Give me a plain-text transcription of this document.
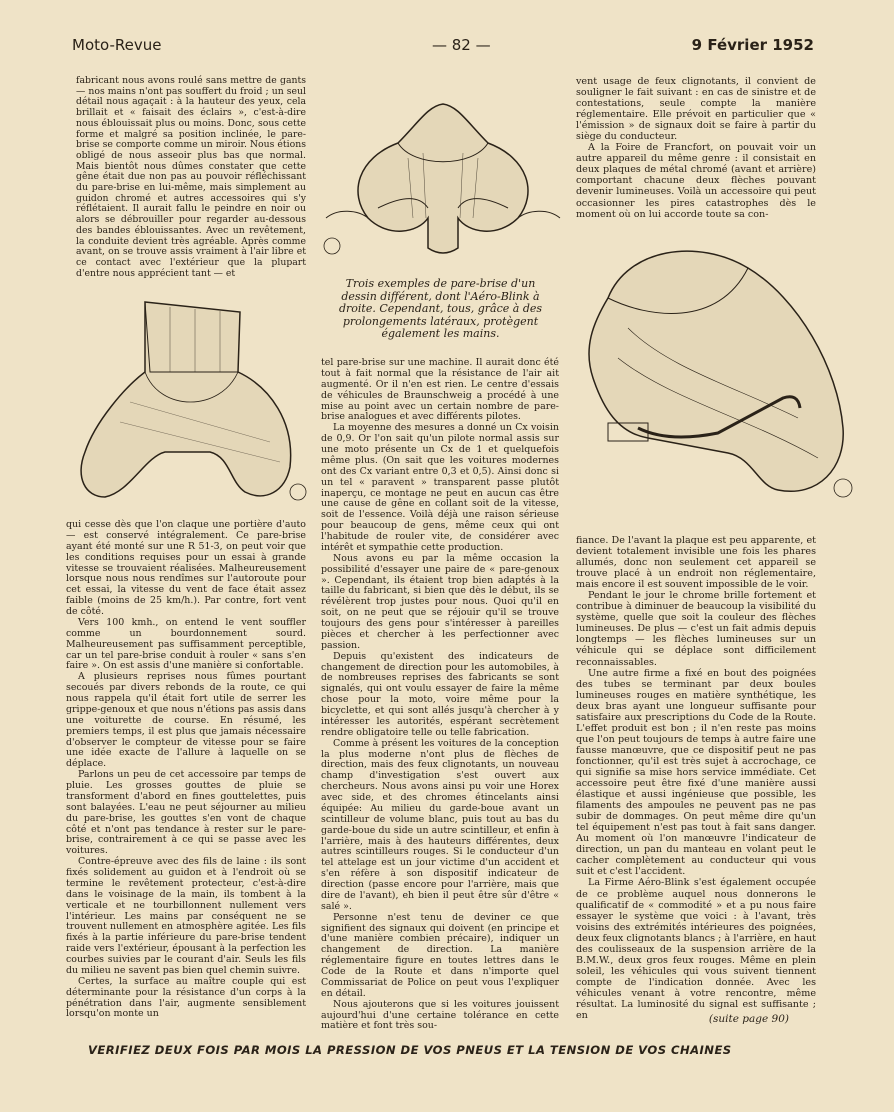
Moto-Revue	— 82 —	9 Février 1952
Trois exemples de pare-brise d'un dessin différent, dont l'Aéro-Blink à droite. Cependant, tous, grâce à des prolongements latéraux, protègent également les mains.

fabricant nous avons roulé sans mettre de gants — nos mains n'ont pas souffert du froid ; un seul détail nous agaçait : à la hauteur des yeux, cela brillait et « faisait des éclairs », c'est-à-dire nous éblouissait plus ou moins. Donc, sous cette forme et malgré sa position inclinée, le pare-brise se comporte comme un miroir. Nous étions obligé de nous asseoir plus bas que normal. Mais bientôt nous dûmes constater que cette gêne était due non pas au pouvoir réfléchissant du pare-brise en lui-même, mais simplement au guidon chromé et autres accessoires qui s'y réflétaient. Il aurait fallu le peindre en noir ou alors se débrouiller pour regarder au-dessous des bandes éblouissantes. Avec un revêtement, la conduite devient très agréable. Après comme avant, on se trouve assis vraiment à l'air libre et ce contact avec l'extérieur que la plupart d'entre nous apprécient tant — et

qui cesse dès que l'on claque une portière d'auto — est conservé intégralement. Ce pare-brise ayant été monté sur une R 51-3, on peut voir que les conditions requises pour un essai à grande vitesse se trouvaient réalisées. Malheureusement lorsque nous nous rendîmes sur l'autoroute pour cet essai, la vitesse du vent de face était assez faible (moins de 25 km/h.). Par contre, fort vent de côté.

Vers 100 kmh., on entend le vent souffler comme un bourdonnement sourd. Malheureusement pas suffisamment perceptible, car un tel pare-brise conduit à rouler « sans s'en faire ». On est assis d'une manière si confortable.

A plusieurs reprises nous fûmes pourtant secoués par divers rebonds de la route, ce qui nous rappela qu'il était fort utile de serrer les grippe-genoux et que nous n'étions pas assis dans une voiturette de course. En résumé, les premiers temps, il est plus que jamais nécessaire d'observer le compteur de vitesse pour se faire une idée exacte de l'allure à laquelle on se déplace.

Parlons un peu de cet accessoire par temps de pluie. Les grosses gouttes de pluie se transforment d'abord en fines gouttelettes, puis sont balayées. L'eau ne peut séjourner au milieu du pare-brise, les gouttes s'en vont de chaque côté et n'ont pas tendance à rester sur le pare-brise, contrairement à ce qui se passe avec les voitures.

Contre-épreuve avec des fils de laine : ils sont fixés solidement au guidon et à l'endroit où se termine le revêtement protecteur, c'est-à-dire dans le voisinage de la main, ils tombent à la verticale et ne tourbillonnent nullement vers l'intérieur. Les mains par conséquent ne se trouvent nullement en atmosphère agitée. Les fils fixés à la partie inférieure du pare-brise tendent raide vers l'extérieur, épousant à la perfection les courbes suivies par le courant d'air. Seuls les fils du milieu ne savent pas bien quel chemin suivre.

Certes, la surface au maître couple qui est déterminante pour la résistance d'un corps à la pénétration dans l'air, augmente sensiblement lorsqu'on monte un

tel pare-brise sur une machine. Il aurait donc été tout à fait normal que la résistance de l'air ait augmenté. Or il n'en est rien. Le centre d'essais de véhicules de Braunschweig a procédé à une mise au point avec un certain nombre de pare-brise analogues et avec différents pilotes.

La moyenne des mesures a donné un Cx voisin de 0,9. Or l'on sait qu'un pilote normal assis sur une moto présente un Cx de 1 et quelquefois même plus. (On sait que les voitures modernes ont des Cx variant entre 0,3 et 0,5). Ainsi donc si un tel « paravent » transparent passe plutôt inaperçu, ce montage ne peut en aucun cas être une cause de gêne en collant soit de la vitesse, soit de l'essence. Voilà déjà une raison sérieuse pour beaucoup de gens, même ceux qui ont l'habitude de rouler vite, de considérer avec intérêt et sympathie cette production.

Nous avons eu par la même occasion la possibilité d'essayer une paire de « pare-genoux ». Cependant, ils étaient trop bien adaptés à la taille du fabricant, si bien que dès le début, ils se révélèrent trop justes pour nous. Quoi qu'il en soit, on ne peut que se réjouir qu'il se trouve toujours des gens pour s'intéresser à pareilles pièces et chercher à les perfectionner avec passion.

Depuis qu'existent des indicateurs de changement de direction pour les automobiles, à de nombreuses reprises des fabricants se sont signalés, qui ont voulu essayer de faire la même chose pour la moto, voire même pour la bicyclette, et qui sont allés jusqu'à chercher à y intéresser les autorités, espérant secrètement rendre obligatoire telle ou telle fabrication.

Comme à présent les voitures de la conception la plus moderne n'ont plus de flèches de direction, mais des feux clignotants, un nouveau champ d'investigation s'est ouvert aux chercheurs. Nous avons ainsi pu voir une Horex avec side, et des chromes étincelants ainsi équipée: Au milieu du garde-boue avant un scintilleur de volume blanc, puis tout au bas du garde-boue du side un autre scintilleur, et enfin à l'arrière, mais à des hauteurs différentes, deux autres scintilleurs rouges. Si le conducteur d'un tel attelage est un jour victime d'un accident et s'en réfère à son dispositif indicateur de direction (passe encore pour l'arrière, mais que dire de l'avant), eh bien il peut être sûr d'être « salé ».

Personne n'est tenu de deviner ce que signifient des signaux qui doivent (en principe et d'une manière combien précaire), indiquer un changement de direction. La manière réglementaire figure en toutes lettres dans le Code de la Route et dans n'importe quel Commissariat de Police on peut vous l'expliquer en détail.

Nous ajouterons que si les voitures jouissent aujourd'hui d'une certaine tolérance en cette matière et font très sou-

vent usage de feux clignotants, il convient de souligner le fait suivant : en cas de sinistre et de contestations, seule compte la manière réglementaire. Elle prévoit en particulier que « l'émission » de signaux doit se faire à partir du siège du conducteur.

A la Foire de Francfort, on pouvait voir un autre appareil du même genre : il consistait en deux plaques de métal chromé (avant et arrière) comportant chacune deux flèches pouvant devenir lumineuses. Voilà un accessoire qui peut occasionner les pires catastrophes dès le moment où on lui accorde toute sa con-

fiance. De l'avant la plaque est peu apparente, et devient totalement invisible une fois les phares allumés, donc non seulement cet appareil se trouve placé à un endroit non réglementaire, mais encore il est souvent impossible de le voir.

Pendant le jour le chrome brille fortement et contribue à diminuer de beaucoup la visibilité du système, quelle que soit la couleur des flèches lumineuses. De plus — c'est un fait admis depuis longtemps — les flèches lumineuses sur un véhicule qui se déplace sont difficilement reconnaissables.

Une autre firme a fixé en bout des poignées des tubes se terminant par deux boules lumineuses rouges en matière synthétique, les deux bras ayant une longueur suffisante pour satisfaire aux prescriptions du Code de la Route. L'effet produit est bon ; il n'en reste pas moins que l'on peut toujours de temps à autre faire une fausse manœuvre, que ce dispositif peut ne pas fonctionner, qu'il est très sujet à accrochage, ce qui signifie sa mise hors service immédiate. Cet accessoire peut être fixé d'une manière aussi élastique et aussi ingénieuse que possible, les filaments des ampoules ne peuvent pas ne pas subir de dommages. On peut même dire qu'un tel équipement n'est pas tout à fait sans danger. Au moment où l'on manœuvre l'indicateur de direction, un pan du manteau en volant peut le cacher complètement au conducteur qui vous suit et c'est l'accident.

La Firme Aéro-Blink s'est également occupée de ce problème auquel nous donnerons le qualificatif de « commodité » et a pu nous faire essayer le système que voici : à l'avant, très voisins des extrémités intérieures des poignées, deux feux clignotants blancs ; à l'arrière, en haut des coulisseaux de la suspension arrière de la B.M.W., deux gros feux rouges. Même en plein soleil, les véhicules qui vous suivent tiennent compte de l'indication donnée. Avec les véhicules venant à votre rencontre, même résultat. La luminosité du signal est suffisante ; en	(suite page 90)
VERIFIEZ DEUX FOIS PAR MOIS LA PRESSION DE VOS PNEUS ET LA TENSION DE VOS CHAINES
